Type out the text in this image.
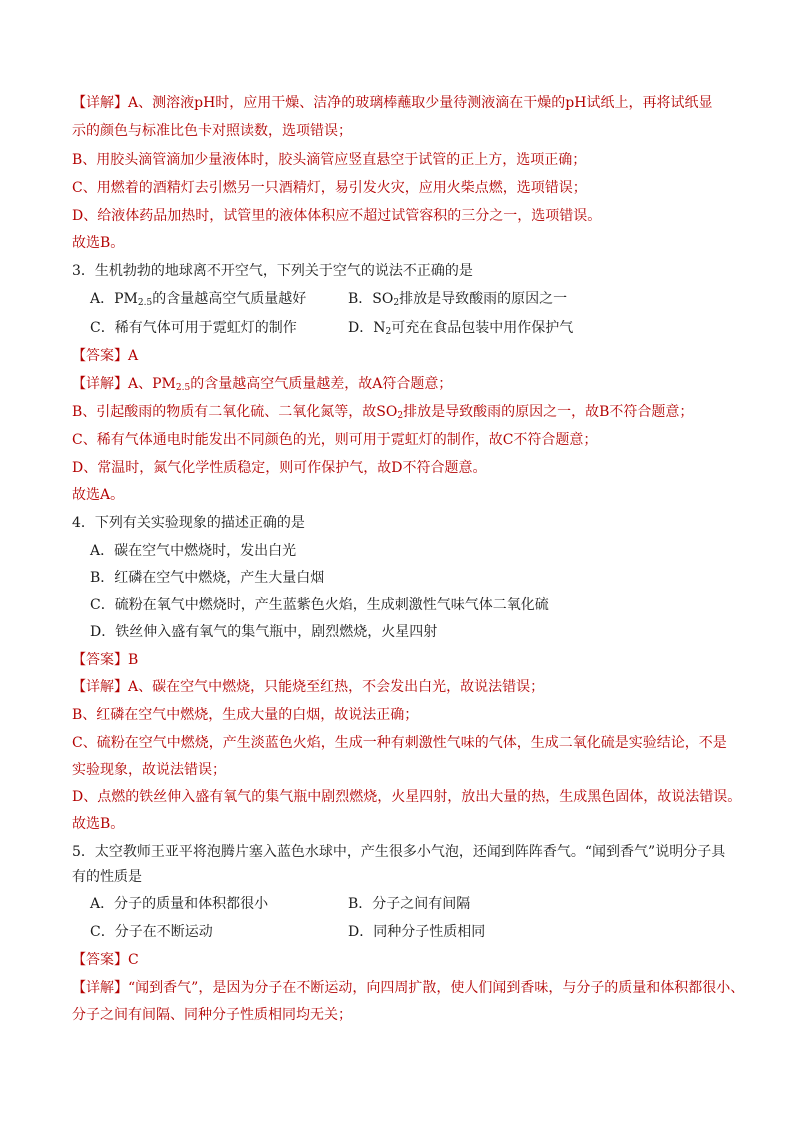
【详解】A、测溶液pH时，应用干燥、洁净的玻璃棒蘸取少量待测液滴在干燥的pH试纸上，再将试纸显
示的颜色与标准比色卡对照读数，选项错误；
B、用胶头滴管滴加少量液体时，胶头滴管应竖直悬空于试管的正上方，选项正确；
C、用燃着的酒精灯去引燃另一只酒精灯，易引发火灾，应用火柴点燃，选项错误；
D、给液体药品加热时，试管里的液体体积应不超过试管容积的三分之一，选项错误。
故选B。
3．生机勃勃的地球离不开空气，下列关于空气的说法不正确的是
A．$PM_{2.5}$的含量越高空气质量越好	B．$SO_2$排放是导致酸雨的原因之一
C．稀有气体可用于霓虹灯的制作	D．$N_2$可充在食品包装中用作保护气
【答案】A
【详解】A、$PM_{2.5}$的含量越高空气质量越差，故A符合题意；
B、引起酸雨的物质有二氧化硫、二氧化氮等，故$SO_2$排放是导致酸雨的原因之一，故B不符合题意；
C、稀有气体通电时能发出不同颜色的光，则可用于霓虹灯的制作，故C不符合题意；
D、常温时，氮气化学性质稳定，则可作保护气，故D不符合题意。
故选A。
4．下列有关实验现象的描述正确的是
A．碳在空气中燃烧时，发出白光
B．红磷在空气中燃烧，产生大量白烟
C．硫粉在氧气中燃烧时，产生蓝紫色火焰，生成刺激性气味气体二氧化硫
D．铁丝伸入盛有氧气的集气瓶中，剧烈燃烧，火星四射
【答案】B
【详解】A、碳在空气中燃烧，只能烧至红热，不会发出白光，故说法错误；
B、红磷在空气中燃烧，生成大量的白烟，故说法正确；
C、硫粉在空气中燃烧，产生淡蓝色火焰，生成一种有刺激性气味的气体，生成二氧化硫是实验结论，不是
实验现象，故说法错误；
D、点燃的铁丝伸入盛有氧气的集气瓶中剧烈燃烧，火星四射，放出大量的热，生成黑色固体，故说法错误。
故选B。
5．太空教师王亚平将泡腾片塞入蓝色水球中，产生很多小气泡，还闻到阵阵香气。“闻到香气”说明分子具
有的性质是
A．分子的质量和体积都很小	B．分子之间有间隔
C．分子在不断运动	D．同种分子性质相同
【答案】C
【详解】“闻到香气”，是因为分子在不断运动，向四周扩散，使人们闻到香味，与分子的质量和体积都很小、
分子之间有间隔、同种分子性质相同均无关；
